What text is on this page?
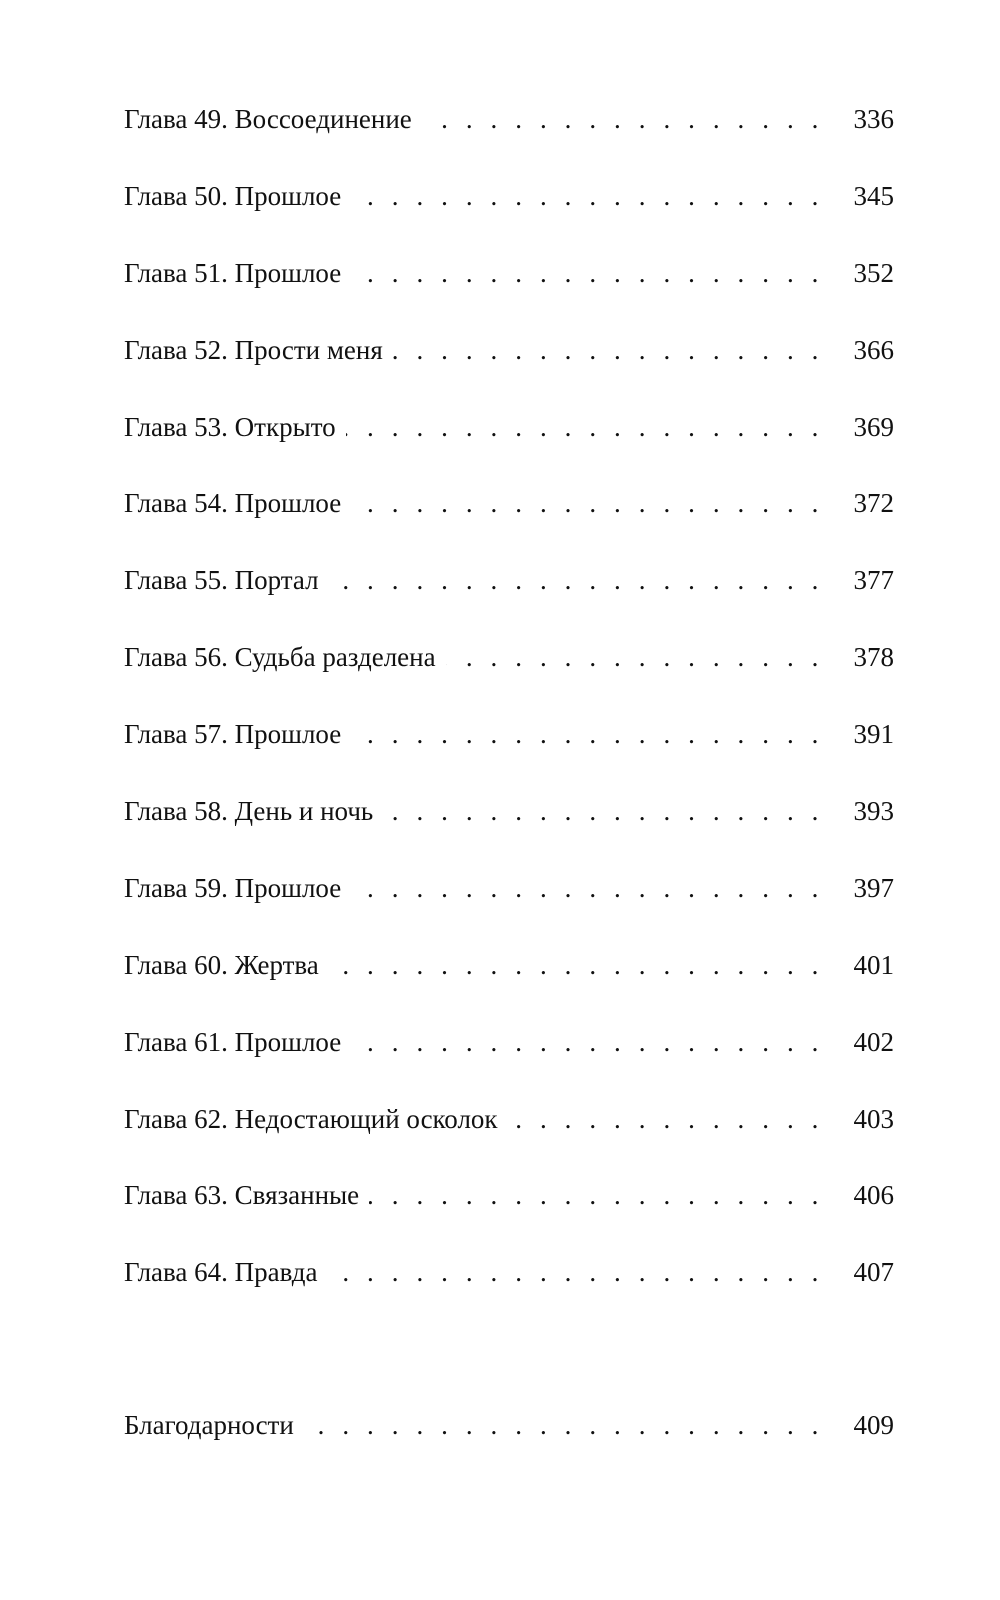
Глава 49. Воссоединение . . .	336
Глава 50. Прошлое . . .	345
Глава 51. Прошлое . . .	352
Глава 52. Прости меня . . .	366
Глава 53. Открыто . . .	369
Глава 54. Прошлое . . .	372
Глава 55. Портал . . .	377
Глава 56. Судьба разделена . . .	378
Глава 57. Прошлое . . .	391
Глава 58. День и ночь . . .	393
Глава 59. Прошлое . . .	397
Глава 60. Жертва . . .	401
Глава 61. Прошлое . . .	402
Глава 62. Недостающий осколок . . .	403
Глава 63. Связанные . . .	406
Глава 64. Правда . . .	407
Благодарности . . .	409
